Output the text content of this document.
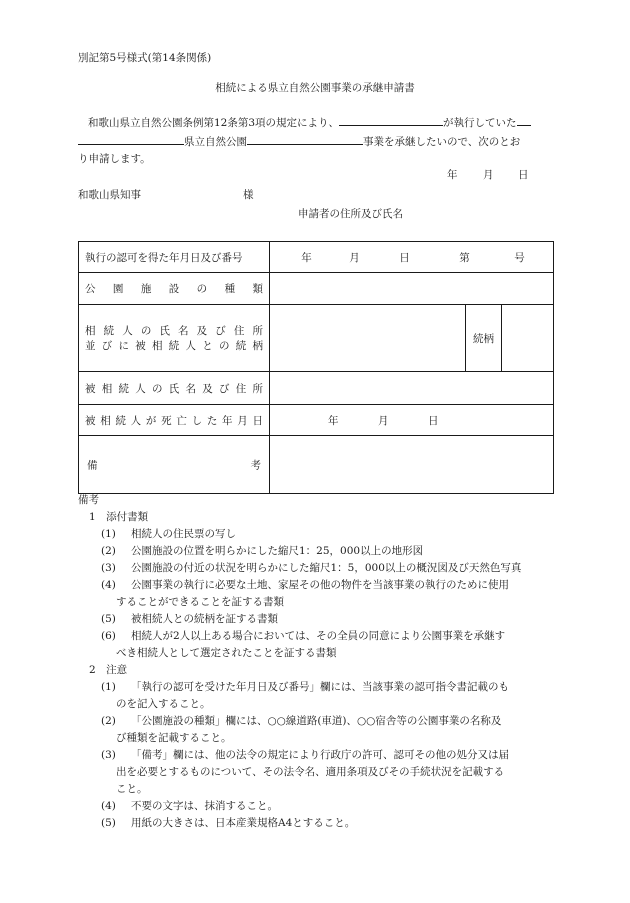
別記第5号様式(第14条関係)
相続による県立自然公園事業の承継申請書
和歌山県立自然公園条例第12条第3項の規定により、	が執行していた
県立自然公園	事業を承継したいので、次のとお
り申請します。
年 月 日
和歌山県知事	様
申請者の住所及び氏名
執行の認可を得た年月日及び番号	年 月 日 第 号		
公園施設の種類			

相続人の氏名及び住所
並びに被相続人との続柄		続柄	
被相続人の氏名及び住所			
被相続人が死亡した年月日	年 月 日		

備 考			

備考
1　添付書類
(1)	相続人の住民票の写し
(2)	公園施設の位置を明らかにした縮尺1：25，000以上の地形図
(3)	公園施設の付近の状況を明らかにした縮尺1：5，000以上の概況図及び天然色写真
(4)	公園事業の執行に必要な土地、家屋その他の物件を当該事業の執行のために使用
することができることを証する書類
(5)	被相続人との続柄を証する書類
(6)	相続人が2人以上ある場合においては、その全員の同意により公園事業を承継す
べき相続人として選定されたことを証する書類
2　注意
(1)	「執行の認可を受けた年月日及び番号」欄には、当該事業の認可指令書記載のも
のを記入すること。
(2)	「公園施設の種類」欄には、○○線道路(車道)、○○宿舎等の公園事業の名称及
び種類を記載すること。
(3)	「備考」欄には、他の法令の規定により行政庁の許可、認可その他の処分又は届
出を必要とするものについて、その法令名、適用条項及びその手続状況を記載する
こと。
(4)	不要の文字は、抹消すること。
(5)	用紙の大きさは、日本産業規格A4とすること。
